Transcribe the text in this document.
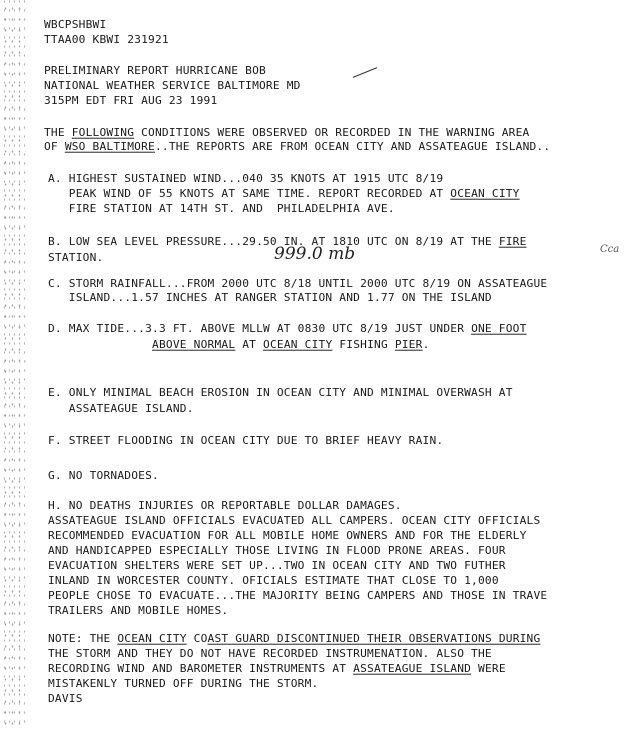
WBCPSHBWI
TTAA00 KBWI 231921
PRELIMINARY REPORT HURRICANE BOB
NATIONAL WEATHER SERVICE BALTIMORE MD
315PM EDT FRI AUG 23 1991
THE FOLLOWING CONDITIONS WERE OBSERVED OR RECORDED IN THE WARNING AREA
OF WSO BALTIMORE..THE REPORTS ARE FROM OCEAN CITY AND ASSATEAGUE ISLAND..
A. HIGHEST SUSTAINED WIND...040 35 KNOTS AT 1915 UTC 8/19
PEAK WIND OF 55 KNOTS AT SAME TIME. REPORT RECORDED AT OCEAN CITY
FIRE STATION AT 14TH ST. AND  PHILADELPHIA AVE.
B. LOW SEA LEVEL PRESSURE...29.50 IN. AT 1810 UTC ON 8/19 AT THE FIRE
STATION.	999.0 mb	Cca
C. STORM RAINFALL...FROM 2000 UTC 8/18 UNTIL 2000 UTC 8/19 ON ASSATEAGUE
ISLAND...1.57 INCHES AT RANGER STATION AND 1.77 ON THE ISLAND
D. MAX TIDE...3.3 FT. ABOVE MLLW AT 0830 UTC 8/19 JUST UNDER ONE FOOT
ABOVE NORMAL AT OCEAN CITY FISHING PIER.
E. ONLY MINIMAL BEACH EROSION IN OCEAN CITY AND MINIMAL OVERWASH AT
ASSATEAGUE ISLAND.
F. STREET FLOODING IN OCEAN CITY DUE TO BRIEF HEAVY RAIN.
G. NO TORNADOES.
H. NO DEATHS INJURIES OR REPORTABLE DOLLAR DAMAGES.
ASSATEAGUE ISLAND OFFICIALS EVACUATED ALL CAMPERS. OCEAN CITY OFFICIALS
RECOMMENDED EVACUATION FOR ALL MOBILE HOME OWNERS AND FOR THE ELDERLY
AND HANDICAPPED ESPECIALLY THOSE LIVING IN FLOOD PRONE AREAS. FOUR
EVACUATION SHELTERS WERE SET UP...TWO IN OCEAN CITY AND TWO FUTHER
INLAND IN WORCESTER COUNTY. OFICIALS ESTIMATE THAT CLOSE TO 1,000
PEOPLE CHOSE TO EVACUATE...THE MAJORITY BEING CAMPERS AND THOSE IN TRAVE
TRAILERS AND MOBILE HOMES.
NOTE: THE OCEAN CITY COAST GUARD DISCONTINUED THEIR OBSERVATIONS DURING
THE STORM AND THEY DO NOT HAVE RECORDED INSTRUMENATION. ALSO THE
RECORDING WIND AND BAROMETER INSTRUMENTS AT ASSATEAGUE ISLAND WERE
MISTAKENLY TURNED OFF DURING THE STORM.
DAVIS
